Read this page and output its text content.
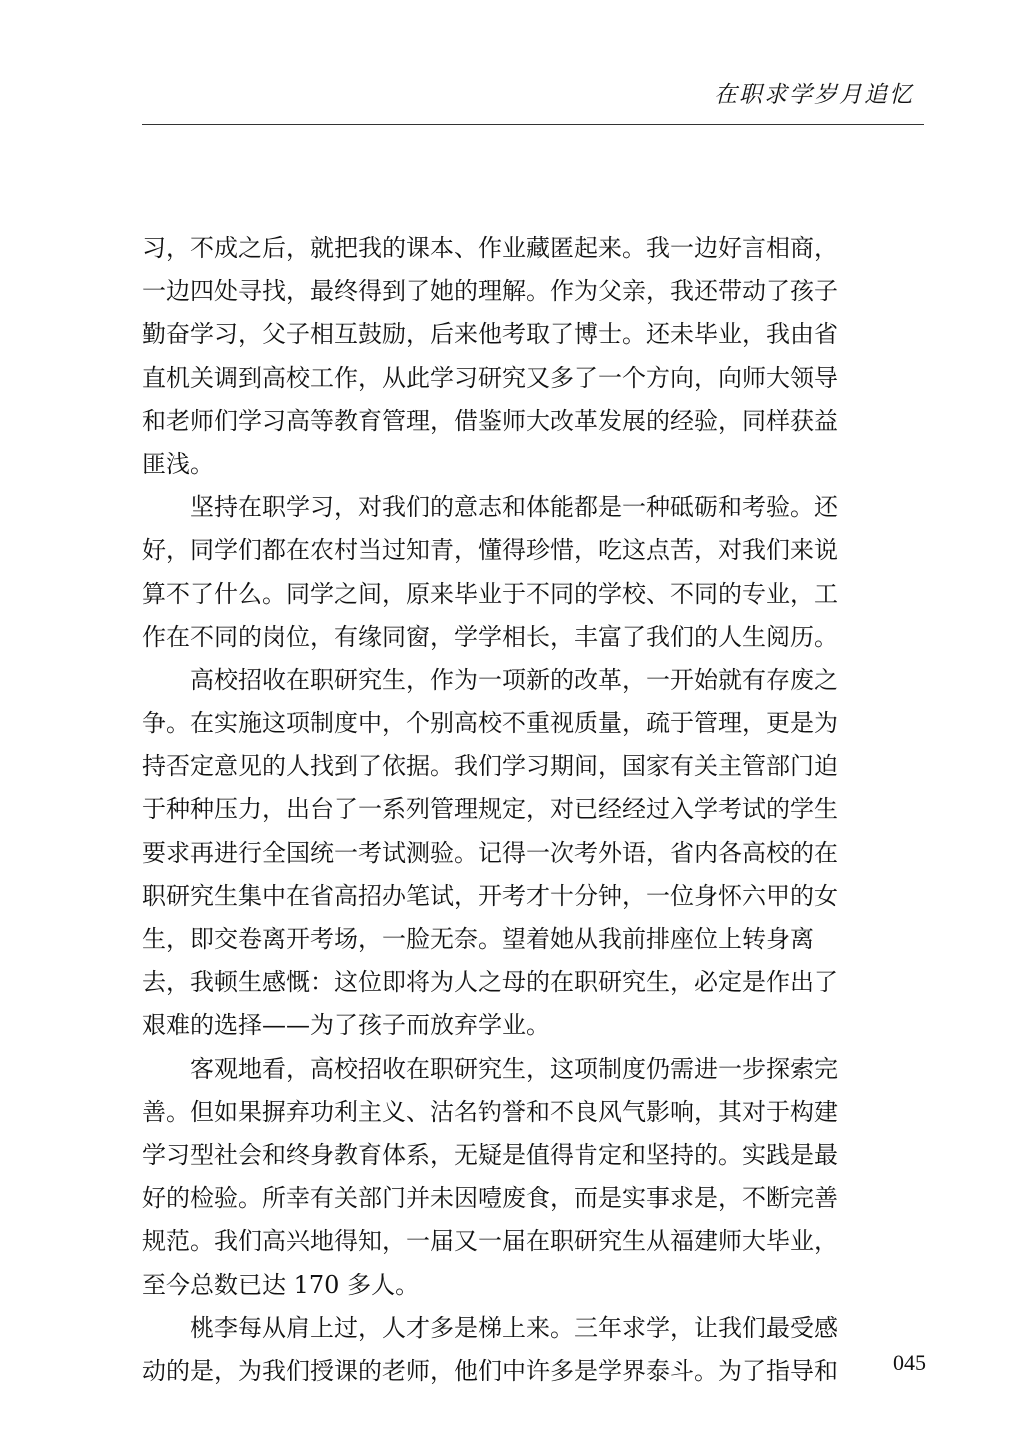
在职求学岁月追忆
习，不成之后，就把我的课本、作业藏匿起来。我一边好言相商，
一边四处寻找，最终得到了她的理解。作为父亲，我还带动了孩子
勤奋学习，父子相互鼓励，后来他考取了博士。还未毕业，我由省
直机关调到高校工作，从此学习研究又多了一个方向，向师大领导
和老师们学习高等教育管理，借鉴师大改革发展的经验，同样获益
匪浅。
坚持在职学习，对我们的意志和体能都是一种砥砺和考验。还
好，同学们都在农村当过知青，懂得珍惜，吃这点苦，对我们来说
算不了什么。同学之间，原来毕业于不同的学校、不同的专业，工
作在不同的岗位，有缘同窗，学学相长，丰富了我们的人生阅历。
高校招收在职研究生，作为一项新的改革，一开始就有存废之
争。在实施这项制度中，个别高校不重视质量，疏于管理，更是为
持否定意见的人找到了依据。我们学习期间，国家有关主管部门迫
于种种压力，出台了一系列管理规定，对已经经过入学考试的学生
要求再进行全国统一考试测验。记得一次考外语，省内各高校的在
职研究生集中在省高招办笔试，开考才十分钟，一位身怀六甲的女
生，即交卷离开考场，一脸无奈。望着她从我前排座位上转身离
去，我顿生感慨：这位即将为人之母的在职研究生，必定是作出了
艰难的选择——为了孩子而放弃学业。
客观地看，高校招收在职研究生，这项制度仍需进一步探索完
善。但如果摒弃功利主义、沽名钓誉和不良风气影响，其对于构建
学习型社会和终身教育体系，无疑是值得肯定和坚持的。实践是最
好的检验。所幸有关部门并未因噎废食，而是实事求是，不断完善
规范。我们高兴地得知，一届又一届在职研究生从福建师大毕业，
至今总数已达 170 多人。
桃李每从肩上过，人才多是梯上来。三年求学，让我们最受感
动的是，为我们授课的老师，他们中许多是学界泰斗。为了指导和	045
